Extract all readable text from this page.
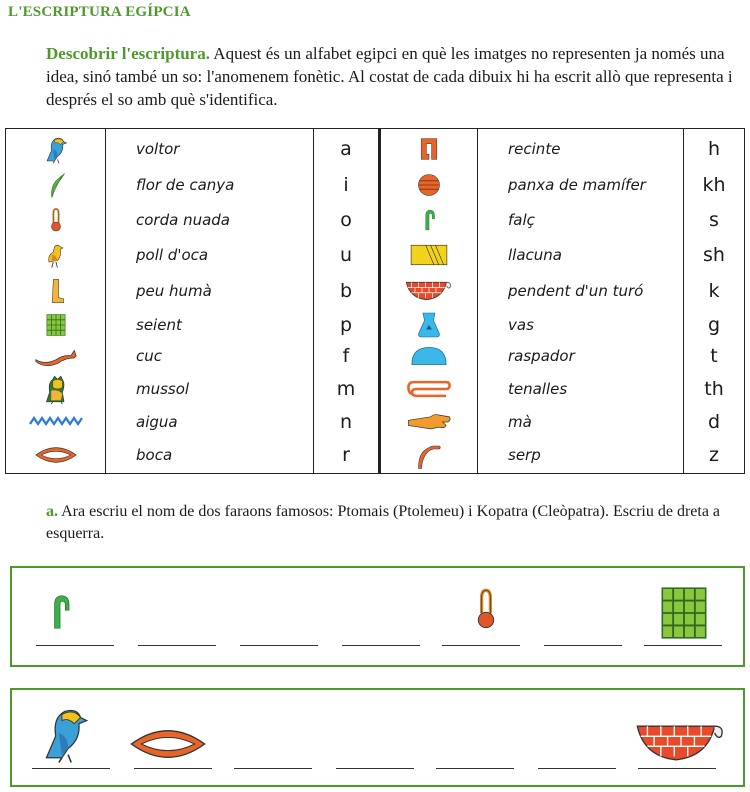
L'ESCRIPTURA EGÍPCIA
Descobrir l'escriptura. Aquest és un alfabet egipci en què les imatges no representen ja només una idea, sinó també un so: l'anomenem fonètic. Al costat de cada dibuix hi ha escrit allò que representa i després el so amb què s'identifica.
	voltor	a		recinte	h

	flor de canya	i		panxa de mamífer	kh

	corda nuada	o		falç	s

	poll d'oca	u		llacuna	sh

	peu humà	b		pendent d'un turó	k

	seient	p		vas	g

	cuc	f		raspador	t

	mussol	m		tenalles	th

	aigua	n		mà	d

	boca	r		serp	z
a. Ara escriu el nom de dos faraons famosos: Ptomais (Ptolemeu) i Kopatra (Cleòpatra). Escriu de dreta a esquerra.
